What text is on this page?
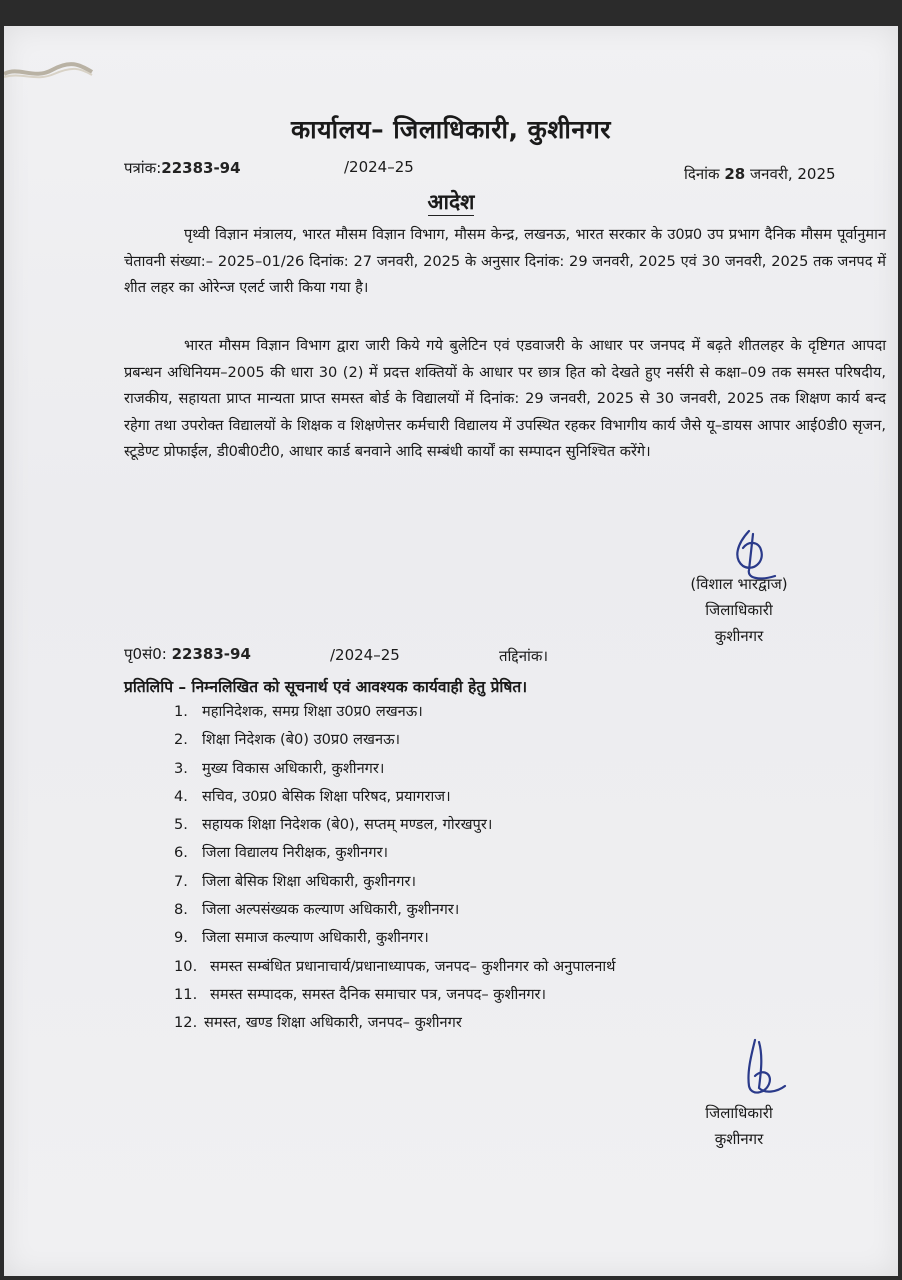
कार्यालय– जिलाधिकारी, कुशीनगर
पत्रांक:22383-94	/2024–25	दिनांक 28 जनवरी, 2025
आदेश
पृथ्वी विज्ञान मंत्रालय, भारत मौसम विज्ञान विभाग, मौसम केन्द्र, लखनऊ, भारत सरकार के उ0प्र0 उप प्रभाग दैनिक मौसम पूर्वानुमान चेतावनी संख्या:– 2025–01/26 दिनांक: 27 जनवरी, 2025 के अनुसार दिनांक: 29 जनवरी, 2025 एवं 30 जनवरी, 2025 तक जनपद में शीत लहर का ओरेन्ज एलर्ट जारी किया गया है।
भारत मौसम विज्ञान विभाग द्वारा जारी किये गये बुलेटिन एवं एडवाजरी के आधार पर जनपद में बढ़ते शीतलहर के दृष्टिगत आपदा प्रबन्धन अधिनियम–2005 की धारा 30 (2) में प्रदत्त शक्तियों के आधार पर छात्र हित को देखते हुए नर्सरी से कक्षा–09 तक समस्त परिषदीय, राजकीय, सहायता प्राप्त मान्यता प्राप्त समस्त बोर्ड के विद्यालयों में दिनांक: 29 जनवरी, 2025 से 30 जनवरी, 2025 तक शिक्षण कार्य बन्द रहेगा तथा उपरोक्त विद्यालयों के शिक्षक व शिक्षणेत्तर कर्मचारी विद्यालय में उपस्थित रहकर विभागीय कार्य जैसे यू–डायस आपार आई0डी0 सृजन, स्टूडेण्ट प्रोफाईल, डी0बी0टी0, आधार कार्ड बनवाने आदि सम्बंधी कार्यों का सम्पादन सुनिश्चित करेंगे।
(विशाल भारद्वाज)
जिलाधिकारी
कुशीनगर
पृ0सं0: 22383-94	/2024–25	तद्दिनांक।
प्रतिलिपि – निम्नलिखित को सूचनार्थ एवं आवश्यक कार्यवाही हेतु प्रेषित।
1. महानिदेशक, समग्र शिक्षा उ0प्र0 लखनऊ।
2. शिक्षा निदेशक (बे0) उ0प्र0 लखनऊ।
3. मुख्य विकास अधिकारी, कुशीनगर।
4. सचिव, उ0प्र0 बेसिक शिक्षा परिषद, प्रयागराज।
5. सहायक शिक्षा निदेशक (बे0), सप्तम् मण्डल, गोरखपुर।
6. जिला विद्यालय निरीक्षक, कुशीनगर।
7. जिला बेसिक शिक्षा अधिकारी, कुशीनगर।
8. जिला अल्पसंख्यक कल्याण अधिकारी, कुशीनगर।
9. जिला समाज कल्याण अधिकारी, कुशीनगर।
10. समस्त सम्बंधित प्रधानाचार्य/प्रधानाध्यापक, जनपद– कुशीनगर को अनुपालनार्थ
11. समस्त सम्पादक, समस्त दैनिक समाचार पत्र, जनपद– कुशीनगर।
12. समस्त, खण्ड शिक्षा अधिकारी, जनपद– कुशीनगर
जिलाधिकारी
कुशीनगर
